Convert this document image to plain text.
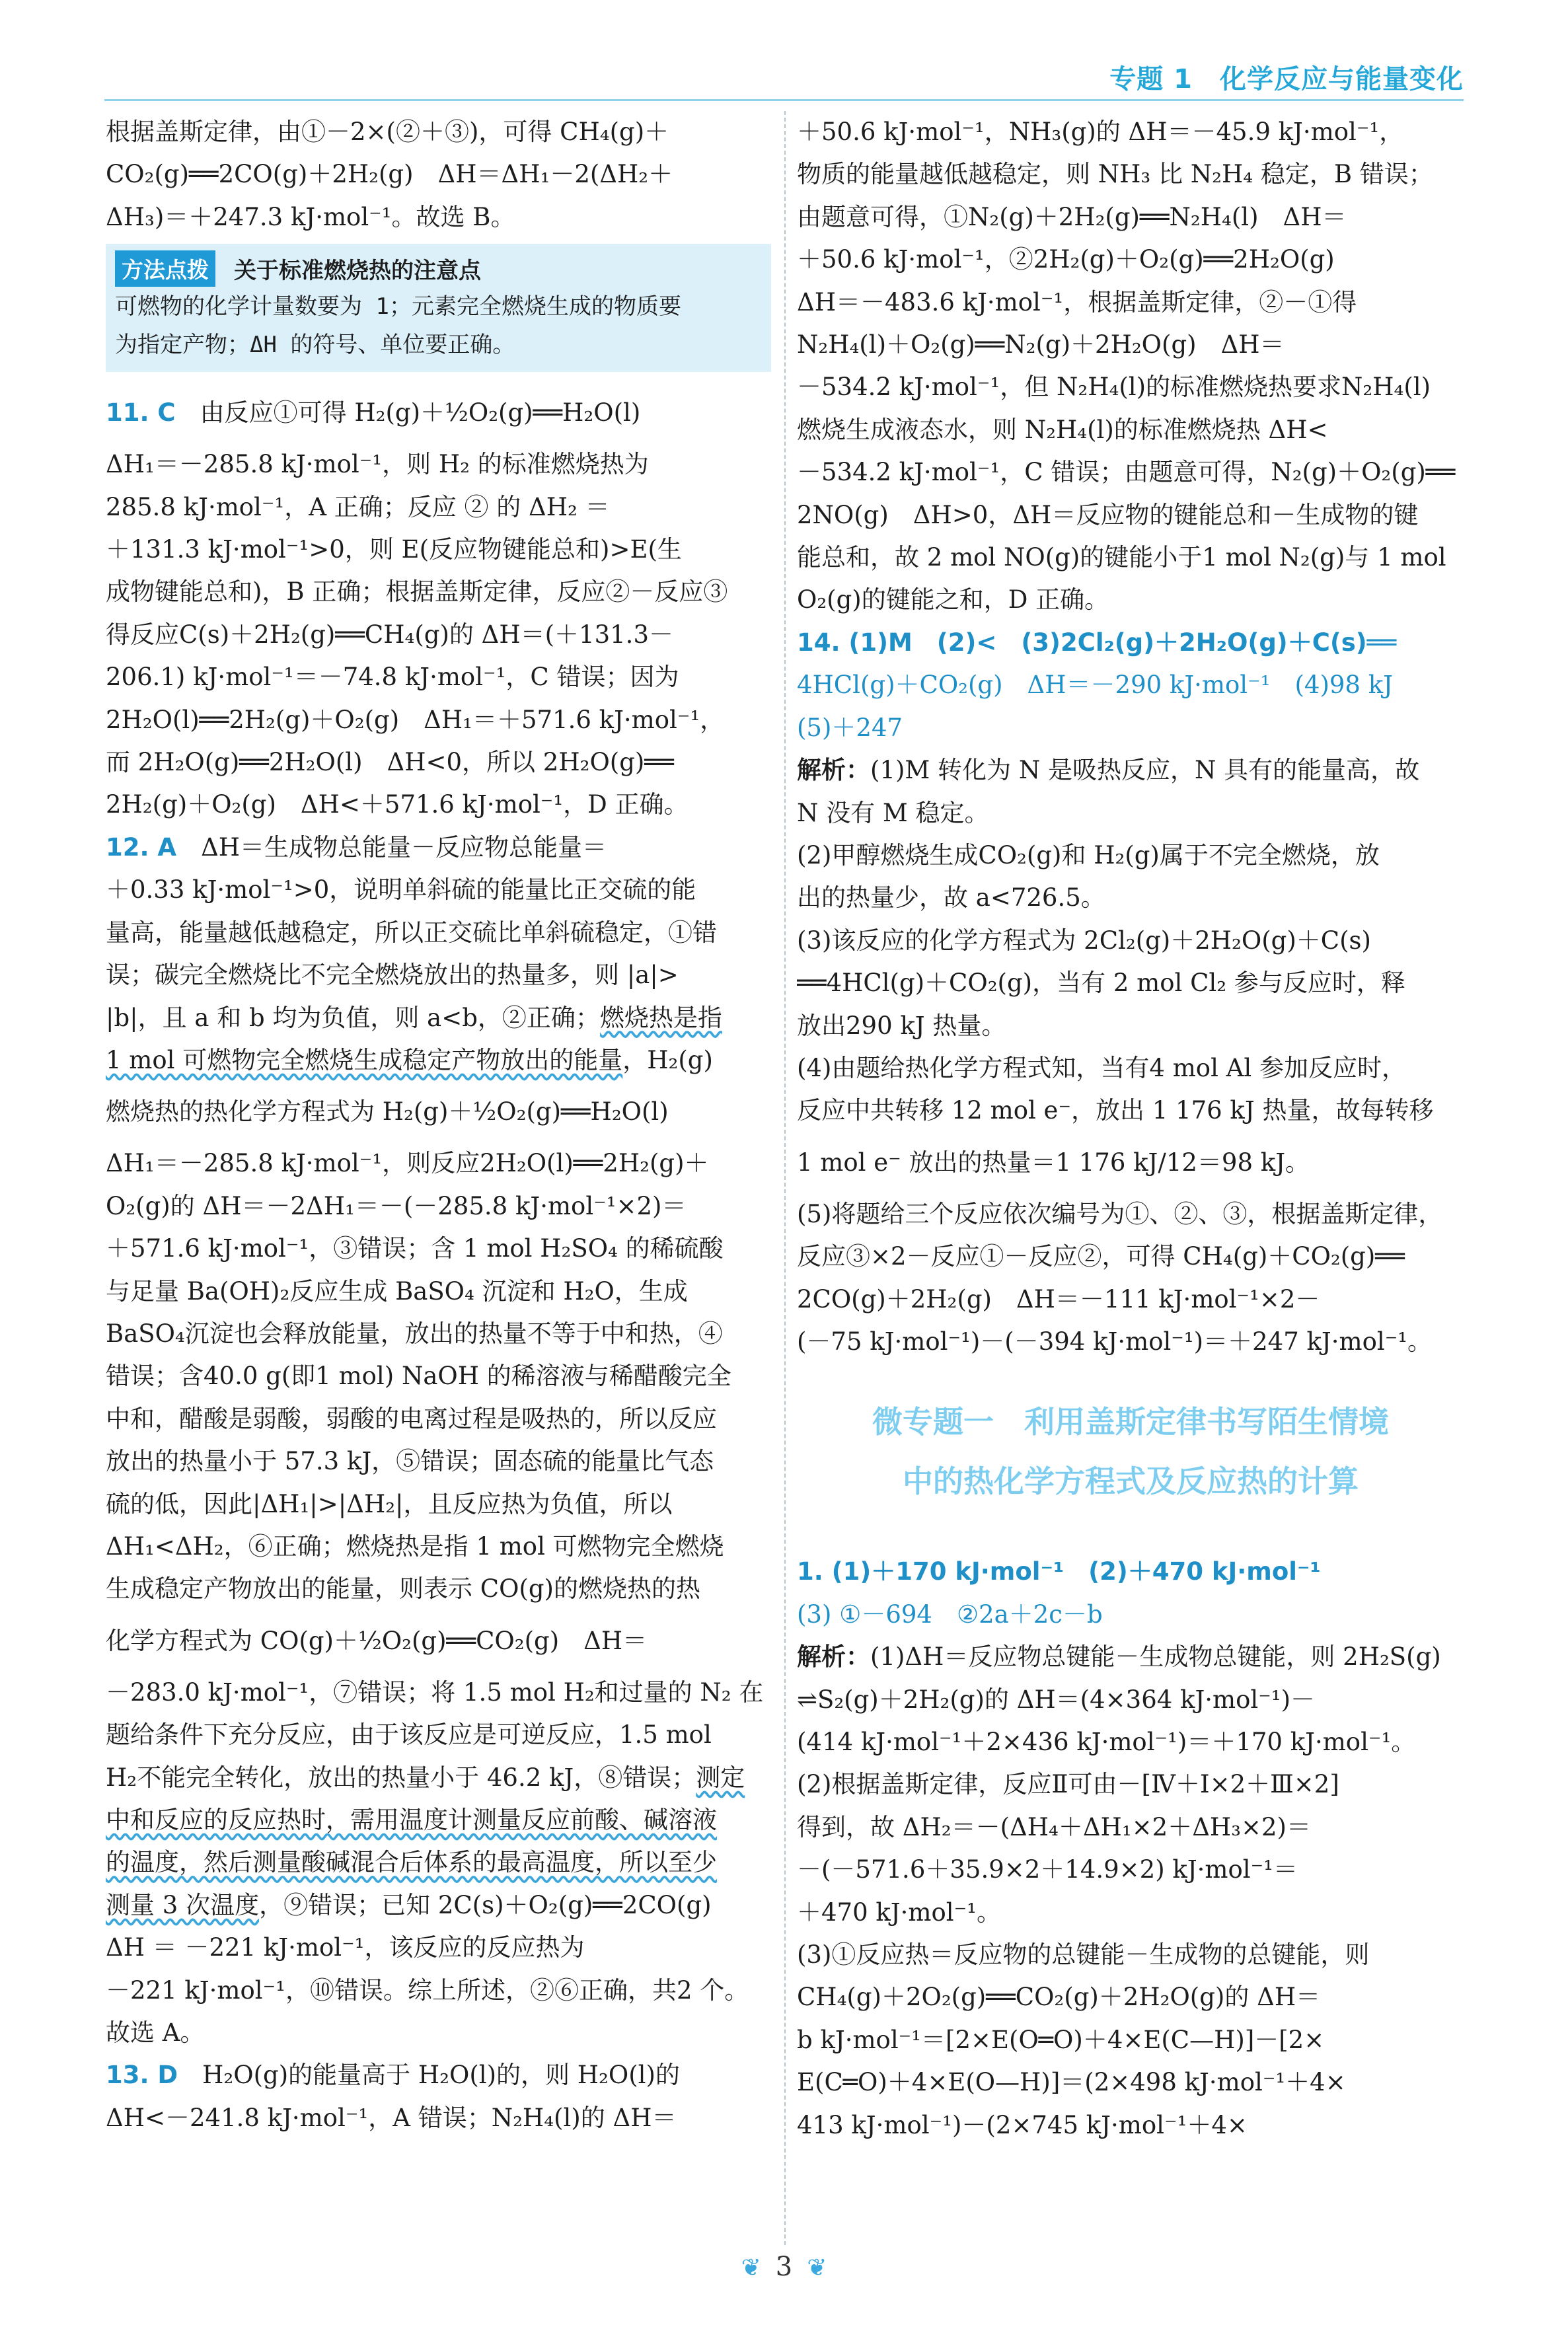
专题 1　化学反应与能量变化
根据盖斯定律，由①－2×(②＋③)，可得 CH₄(g)＋
CO₂(g)══2CO(g)＋2H₂(g)　ΔH＝ΔH₁－2(ΔH₂＋
ΔH₃)＝＋247.3 kJ·mol⁻¹。故选 B。
方法点拨 关于标准燃烧热的注意点
可燃物的化学计量数要为 1；元素完全燃烧生成的物质要
为指定产物；ΔH 的符号、单位要正确。
11. C　 由反应①可得 H₂(g)＋½O₂(g)══H₂O(l)
ΔH₁＝－285.8 kJ·mol⁻¹，则 H₂ 的标准燃烧热为
285.8 kJ·mol⁻¹，A 正确；反应 ② 的 ΔH₂ ＝
＋131.3 kJ·mol⁻¹>0，则 E(反应物键能总和)>E(生
成物键能总和)，B 正确；根据盖斯定律，反应②－反应③
得反应C(s)＋2H₂(g)══CH₄(g)的 ΔH＝(＋131.3－
206.1) kJ·mol⁻¹＝－74.8 kJ·mol⁻¹，C 错误；因为
2H₂O(l)══2H₂(g)＋O₂(g)　ΔH₁＝＋571.6 kJ·mol⁻¹，
而 2H₂O(g)══2H₂O(l)　ΔH<0，所以 2H₂O(g)══
2H₂(g)＋O₂(g)　ΔH<＋571.6 kJ·mol⁻¹，D 正确。
12. A　 ΔH＝生成物总能量－反应物总能量＝
＋0.33 kJ·mol⁻¹>0，说明单斜硫的能量比正交硫的能
量高，能量越低越稳定，所以正交硫比单斜硫稳定，①错
误；碳完全燃烧比不完全燃烧放出的热量多，则 |a|>
|b|，且 a 和 b 均为负值，则 a<b，②正确；燃烧热是指
1 mol 可燃物完全燃烧生成稳定产物放出的能量，H₂(g)
燃烧热的热化学方程式为 H₂(g)＋½O₂(g)══H₂O(l)
ΔH₁＝－285.8 kJ·mol⁻¹，则反应2H₂O(l)══2H₂(g)＋
O₂(g)的 ΔH＝－2ΔH₁＝－(－285.8 kJ·mol⁻¹×2)＝
＋571.6 kJ·mol⁻¹，③错误；含 1 mol H₂SO₄ 的稀硫酸
与足量 Ba(OH)₂反应生成 BaSO₄ 沉淀和 H₂O，生成
BaSO₄沉淀也会释放能量，放出的热量不等于中和热，④
错误；含40.0 g(即1 mol) NaOH 的稀溶液与稀醋酸完全
中和，醋酸是弱酸，弱酸的电离过程是吸热的，所以反应
放出的热量小于 57.3 kJ，⑤错误；固态硫的能量比气态
硫的低，因此|ΔH₁|>|ΔH₂|，且反应热为负值，所以
ΔH₁<ΔH₂，⑥正确；燃烧热是指 1 mol 可燃物完全燃烧
生成稳定产物放出的能量，则表示 CO(g)的燃烧热的热
化学方程式为 CO(g)＋½O₂(g)══CO₂(g)　ΔH＝
－283.0 kJ·mol⁻¹，⑦错误；将 1.5 mol H₂和过量的 N₂ 在
题给条件下充分反应，由于该反应是可逆反应，1.5 mol
H₂不能完全转化，放出的热量小于 46.2 kJ，⑧错误；测定
中和反应的反应热时，需用温度计测量反应前酸、碱溶液
的温度，然后测量酸碱混合后体系的最高温度，所以至少
测量 3 次温度，⑨错误；已知 2C(s)＋O₂(g)══2CO(g)
ΔH ＝ －221 kJ·mol⁻¹，该反应的反应热为
－221 kJ·mol⁻¹，⑩错误。综上所述，②⑥正确，共2 个。
故选 A。
13. D　 H₂O(g)的能量高于 H₂O(l)的，则 H₂O(l)的
ΔH<－241.8 kJ·mol⁻¹，A 错误；N₂H₄(l)的 ΔH＝
＋50.6 kJ·mol⁻¹，NH₃(g)的 ΔH＝－45.9 kJ·mol⁻¹，
物质的能量越低越稳定，则 NH₃ 比 N₂H₄ 稳定，B 错误；
由题意可得，①N₂(g)＋2H₂(g)══N₂H₄(l)　ΔH＝
＋50.6 kJ·mol⁻¹，②2H₂(g)＋O₂(g)══2H₂O(g)
ΔH＝－483.6 kJ·mol⁻¹，根据盖斯定律，②－①得
N₂H₄(l)＋O₂(g)══N₂(g)＋2H₂O(g)　ΔH＝
－534.2 kJ·mol⁻¹，但 N₂H₄(l)的标准燃烧热要求N₂H₄(l)
燃烧生成液态水，则 N₂H₄(l)的标准燃烧热 ΔH<
－534.2 kJ·mol⁻¹，C 错误；由题意可得，N₂(g)＋O₂(g)══
2NO(g)　ΔH>0，ΔH＝反应物的键能总和－生成物的键
能总和，故 2 mol NO(g)的键能小于1 mol N₂(g)与 1 mol
O₂(g)的键能之和，D 正确。
14. (1)M　(2)<　(3)2Cl₂(g)＋2H₂O(g)＋C(s)══
4HCl(g)＋CO₂(g)　ΔH＝－290 kJ·mol⁻¹　(4)98 kJ
(5)＋247
解析：(1)M 转化为 N 是吸热反应，N 具有的能量高，故
N 没有 M 稳定。
(2)甲醇燃烧生成CO₂(g)和 H₂(g)属于不完全燃烧，放
出的热量少，故 a<726.5。
(3)该反应的化学方程式为 2Cl₂(g)＋2H₂O(g)＋C(s)
══4HCl(g)＋CO₂(g)，当有 2 mol Cl₂ 参与反应时，释
放出290 kJ 热量。
(4)由题给热化学方程式知，当有4 mol Al 参加反应时，
反应中共转移 12 mol e⁻，放出 1 176 kJ 热量，故每转移
1 mol e⁻ 放出的热量＝1 176 kJ/12＝98 kJ。
(5)将题给三个反应依次编号为①、②、③，根据盖斯定律，
反应③×2－反应①－反应②，可得 CH₄(g)＋CO₂(g)══
2CO(g)＋2H₂(g)　ΔH＝－111 kJ·mol⁻¹×2－
(－75 kJ·mol⁻¹)－(－394 kJ·mol⁻¹)＝＋247 kJ·mol⁻¹。
微专题一　利用盖斯定律书写陌生情境
中的热化学方程式及反应热的计算
1. (1)＋170 kJ·mol⁻¹　(2)＋470 kJ·mol⁻¹
(3) ①－694　②2a＋2c－b
解析：(1)ΔH＝反应物总键能－生成物总键能，则 2H₂S(g)
⇌S₂(g)＋2H₂(g)的 ΔH＝(4×364 kJ·mol⁻¹)－
(414 kJ·mol⁻¹＋2×436 kJ·mol⁻¹)＝＋170 kJ·mol⁻¹。
(2)根据盖斯定律，反应Ⅱ可由－[Ⅳ＋Ⅰ×2＋Ⅲ×2]
得到，故 ΔH₂＝－(ΔH₄＋ΔH₁×2＋ΔH₃×2)＝
－(－571.6＋35.9×2＋14.9×2) kJ·mol⁻¹＝
＋470 kJ·mol⁻¹。
(3)①反应热＝反应物的总键能－生成物的总键能，则
CH₄(g)＋2O₂(g)══CO₂(g)＋2H₂O(g)的 ΔH＝
b kJ·mol⁻¹＝[2×E(O═O)＋4×E(C—H)]－[2×
E(C═O)＋4×E(O—H)]＝(2×498 kJ·mol⁻¹＋4×
413 kJ·mol⁻¹)－(2×745 kJ·mol⁻¹＋4×
❦ 3 ❦
